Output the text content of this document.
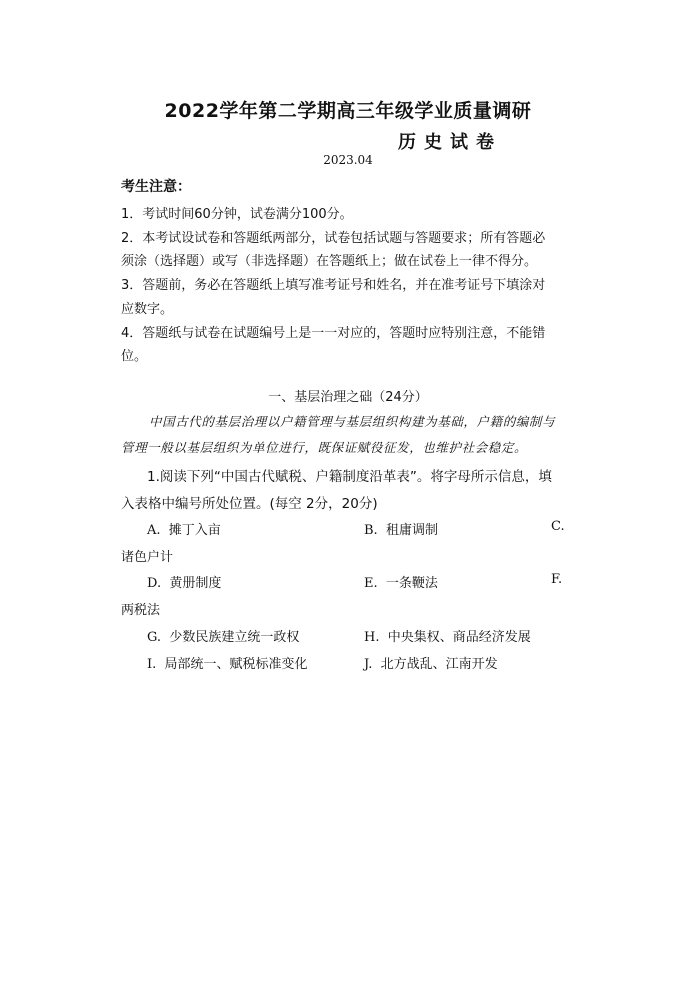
2022学年第二学期高三年级学业质量调研
历史试卷
2023.04
考生注意：
1．考试时间60分钟，试卷满分100分。
2．本考试设试卷和答题纸两部分，试卷包括试题与答题要求；所有答题必
须涂（选择题）或写（非选择题）在答题纸上；做在试卷上一律不得分。
3．答题前，务必在答题纸上填写准考证号和姓名，并在准考证号下填涂对
应数字。
4．答题纸与试卷在试题编号上是一一对应的，答题时应特别注意，不能错
位。
一、基层治理之础（24分）
中国古代的基层治理以户籍管理与基层组织构建为基础，户籍的编制与
管理一般以基层组织为单位进行，既保证赋役征发，也维护社会稳定。
1.阅读下列“中国古代赋税、户籍制度沿革表”。将字母所示信息，填
入表格中编号所处位置。(每空 2分，20分)
A. 摊丁入亩	B. 租庸调制	C.
诸色户计
D. 黄册制度	E. 一条鞭法	F.
两税法
G. 少数民族建立统一政权	H. 中央集权、商品经济发展
I. 局部统一、赋税标准变化	J. 北方战乱、江南开发
